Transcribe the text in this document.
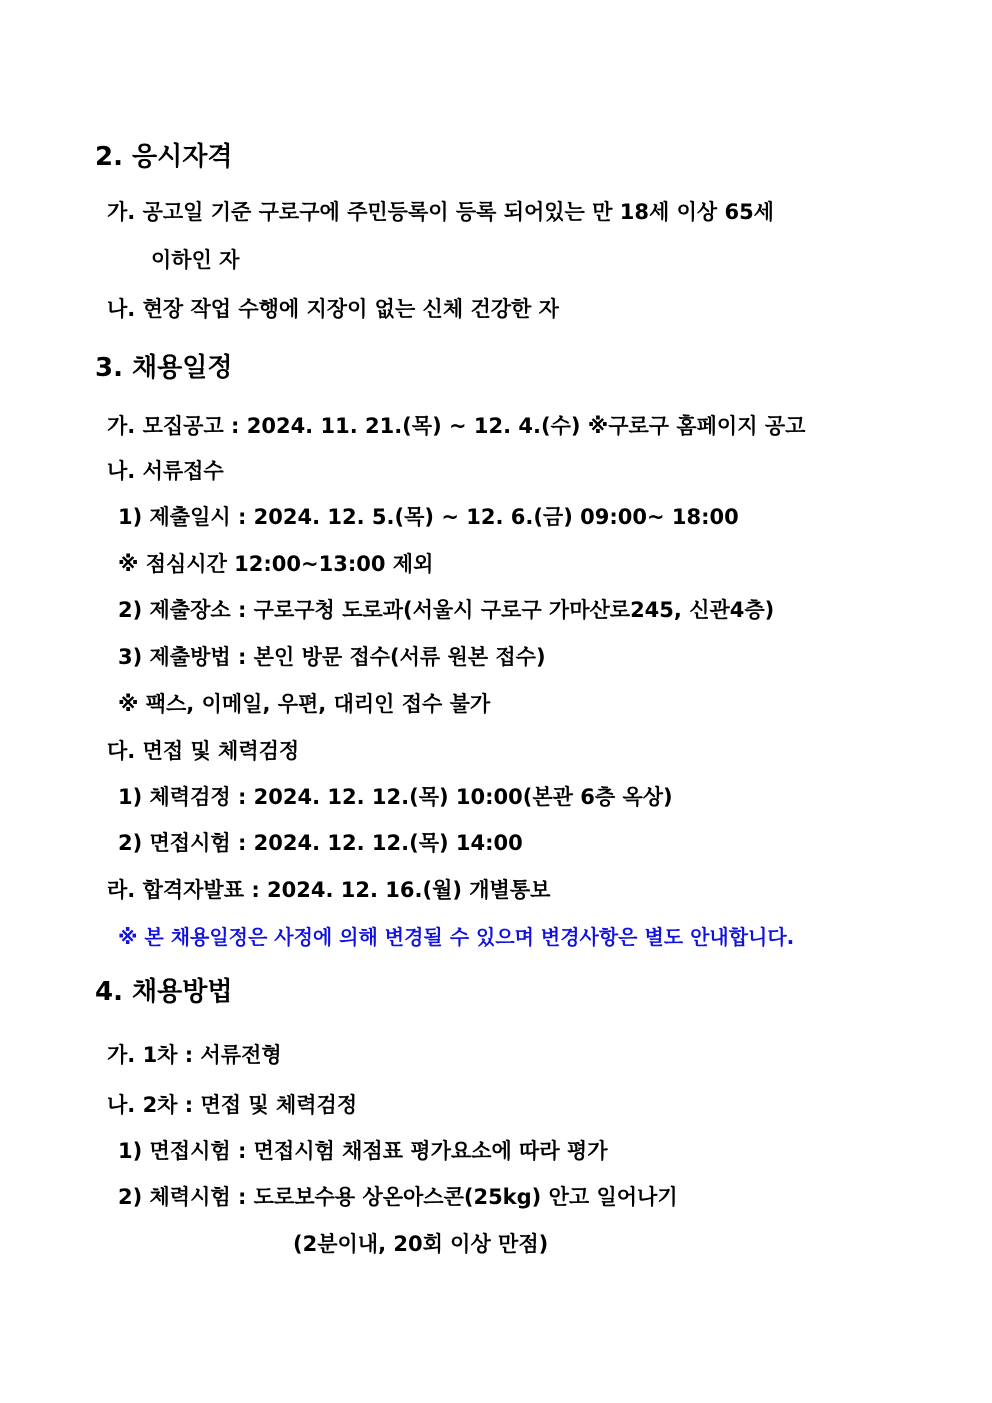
2. 응시자격
가. 공고일 기준 구로구에 주민등록이 등록 되어있는 만 18세 이상 65세
이하인 자
나. 현장 작업 수행에 지장이 없는 신체 건강한 자
3. 채용일정
가. 모집공고 : 2024. 11. 21.(목) ~ 12. 4.(수) ※구로구 홈페이지 공고
나. 서류접수
1) 제출일시 : 2024. 12. 5.(목) ~ 12. 6.(금) 09:00~ 18:00
※ 점심시간 12:00~13:00 제외
2) 제출장소 : 구로구청 도로과(서울시 구로구 가마산로245, 신관4층)
3) 제출방법 : 본인 방문 접수(서류 원본 접수)
※ 팩스, 이메일, 우편, 대리인 접수 불가
다. 면접 및 체력검정
1) 체력검정 : 2024. 12. 12.(목) 10:00(본관 6층 옥상)
2) 면접시험 : 2024. 12. 12.(목) 14:00
라. 합격자발표 : 2024. 12. 16.(월) 개별통보
※ 본 채용일정은 사정에 의해 변경될 수 있으며 변경사항은 별도 안내합니다.
4. 채용방법
가. 1차 : 서류전형
나. 2차 : 면접 및 체력검정
1) 면접시험 : 면접시험 채점표 평가요소에 따라 평가
2) 체력시험 : 도로보수용 상온아스콘(25kg) 안고 일어나기
(2분이내, 20회 이상 만점)
